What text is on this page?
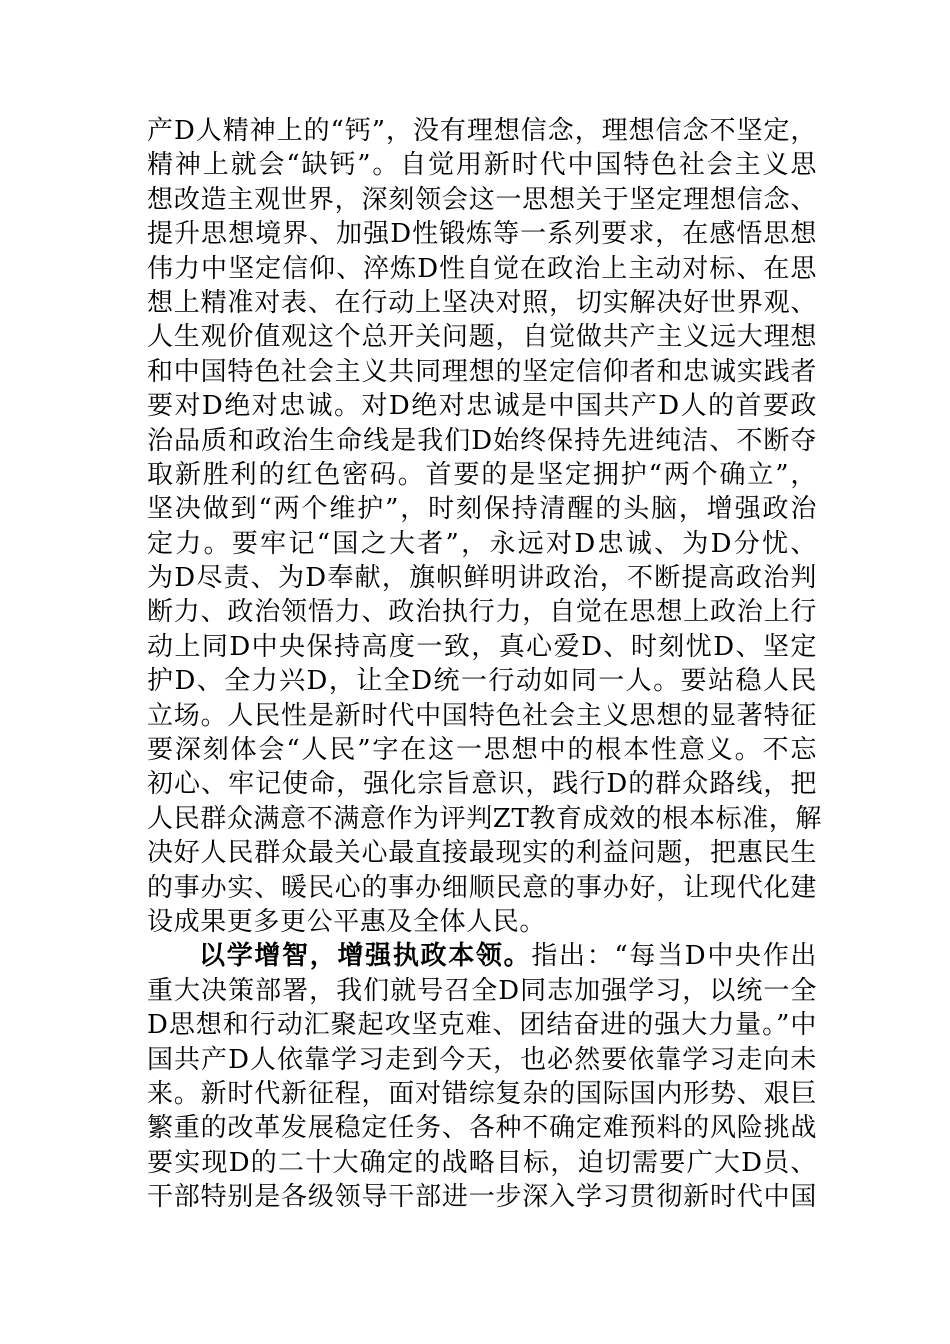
产D人精神上的“钙”，没有理想信念，理想信念不坚定，
精神上就会“缺钙”。自觉用新时代中国特色社会主义思
想改造主观世界，深刻领会这一思想关于坚定理想信念、
提升思想境界、加强D性锻炼等一系列要求，在感悟思想
伟力中坚定信仰、淬炼D性自觉在政治上主动对标、在思
想上精准对表、在行动上坚决对照，切实解决好世界观、
人生观价值观这个总开关问题，自觉做共产主义远大理想
和中国特色社会主义共同理想的坚定信仰者和忠诚实践者
要对D绝对忠诚。对D绝对忠诚是中国共产D人的首要政
治品质和政治生命线是我们D始终保持先进纯洁、不断夺
取新胜利的红色密码。首要的是坚定拥护“两个确立”，
坚决做到“两个维护”，时刻保持清醒的头脑，增强政治
定力。要牢记“国之大者”，永远对D忠诚、为D分忧、
为D尽责、为D奉献，旗帜鲜明讲政治，不断提高政治判
断力、政治领悟力、政治执行力，自觉在思想上政治上行
动上同D中央保持高度一致，真心爱D、时刻忧D、坚定
护D、全力兴D，让全D统一行动如同一人。要站稳人民
立场。人民性是新时代中国特色社会主义思想的显著特征
要深刻体会“人民”字在这一思想中的根本性意义。不忘
初心、牢记使命，强化宗旨意识，践行D的群众路线，把
人民群众满意不满意作为评判ZT教育成效的根本标准，解
决好人民群众最关心最直接最现实的利益问题，把惠民生
的事办实、暖民心的事办细顺民意的事办好，让现代化建
设成果更多更公平惠及全体人民。
以学增智，增强执政本领。指出：“每当D中央作出
重大决策部署，我们就号召全D同志加强学习，以统一全
D思想和行动汇聚起攻坚克难、团结奋进的强大力量。”中
国共产D人依靠学习走到今天，也必然要依靠学习走向未
来。新时代新征程，面对错综复杂的国际国内形势、艰巨
繁重的改革发展稳定任务、各种不确定难预料的风险挑战
要实现D的二十大确定的战略目标，迫切需要广大D员、
干部特别是各级领导干部进一步深入学习贯彻新时代中国
